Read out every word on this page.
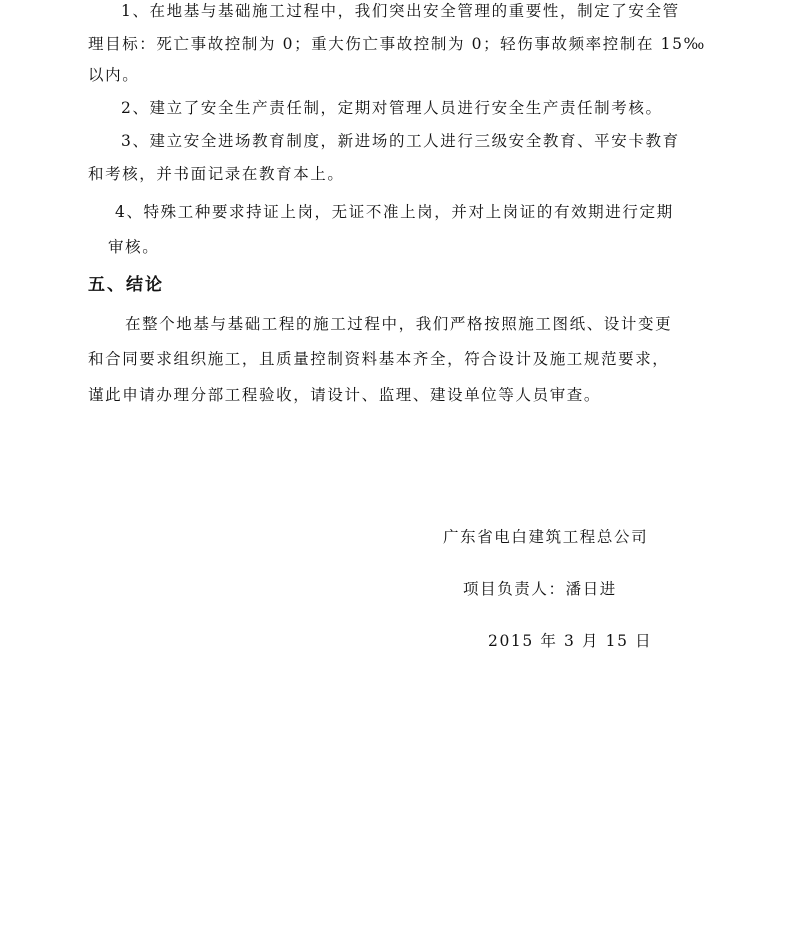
1、在地基与基础施工过程中，我们突出安全管理的重要性，制定了安全管
理目标：死亡事故控制为 0；重大伤亡事故控制为 0；轻伤事故频率控制在 15‰
以内。
2、建立了安全生产责任制，定期对管理人员进行安全生产责任制考核。
3、建立安全进场教育制度，新进场的工人进行三级安全教育、平安卡教育
和考核，并书面记录在教育本上。
4、特殊工种要求持证上岗，无证不准上岗，并对上岗证的有效期进行定期
审核。
五、结论
在整个地基与基础工程的施工过程中，我们严格按照施工图纸、设计变更
和合同要求组织施工，且质量控制资料基本齐全，符合设计及施工规范要求，
谨此申请办理分部工程验收，请设计、监理、建设单位等人员审查。
广东省电白建筑工程总公司
项目负责人：潘日进
2015 年 3 月 15 日
